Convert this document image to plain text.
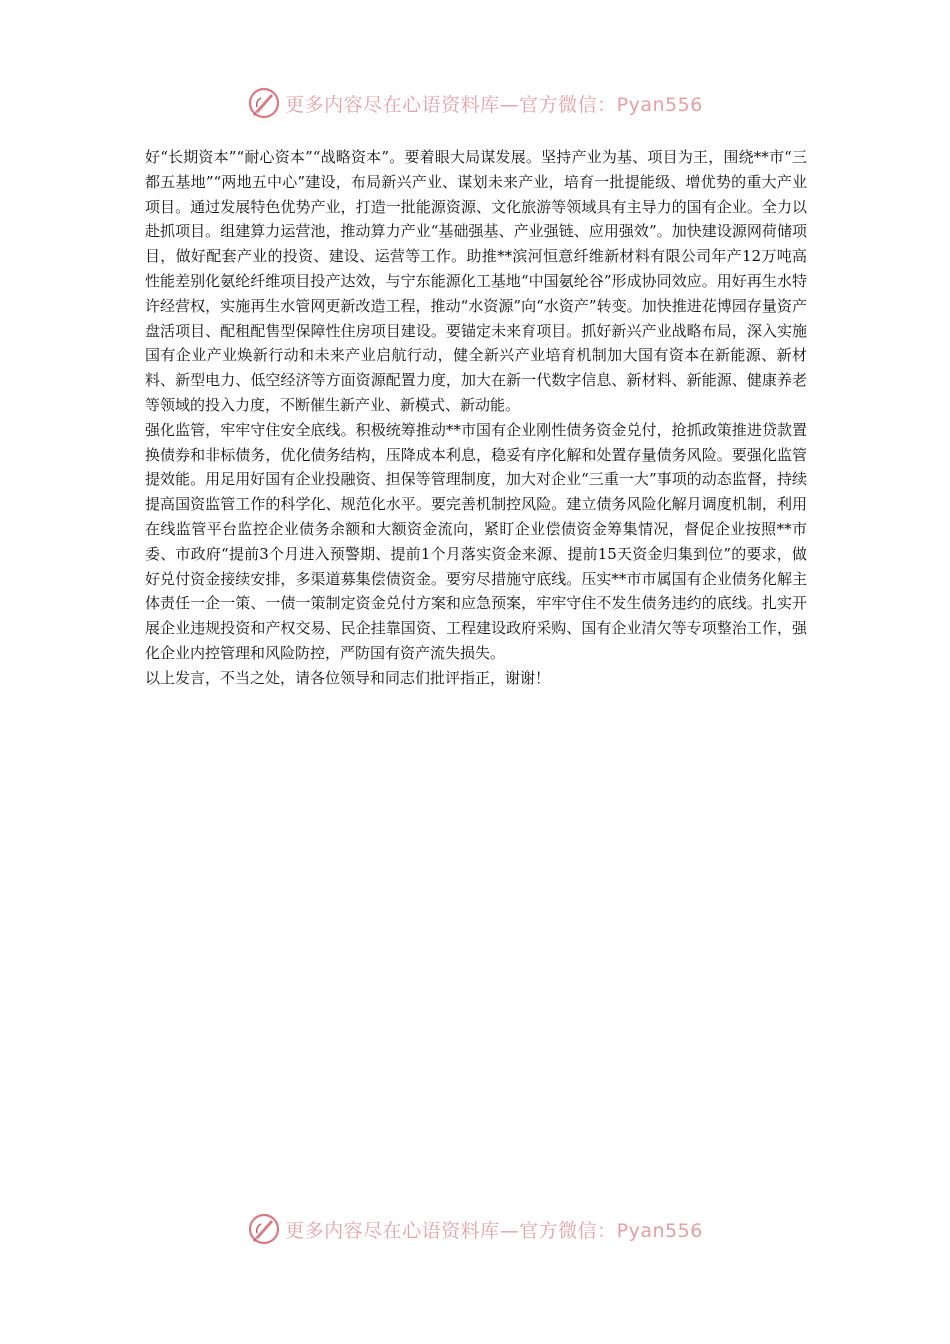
更多内容尽在心语资料库—官方微信：Pyan556

好“长期资本”“耐心资本”“战略资本”。要着眼大局谋发展。坚持产业为基、项目为王，围绕**市“三都五基地”“两地五中心”建设，布局新兴产业、谋划未来产业，培育一批提能级、增优势的重大产业项目。通过发展特色优势产业，打造一批能源资源、文化旅游等领域具有主导力的国有企业。全力以赴抓项目。组建算力运营池，推动算力产业“基础强基、产业强链、应用强效”。加快建设源网荷储项目，做好配套产业的投资、建设、运营等工作。助推**滨河恒意纤维新材料有限公司年产12万吨高性能差别化氨纶纤维项目投产达效，与宁东能源化工基地“中国氨纶谷”形成协同效应。用好再生水特许经营权，实施再生水管网更新改造工程，推动“水资源”向“水资产”转变。加快推进花博园存量资产盘活项目、配租配售型保障性住房项目建设。要锚定未来育项目。抓好新兴产业战略布局，深入实施国有企业产业焕新行动和未来产业启航行动，健全新兴产业培育机制加大国有资本在新能源、新材料、新型电力、低空经济等方面资源配置力度，加大在新一代数字信息、新材料、新能源、健康养老等领域的投入力度，不断催生新产业、新模式、新动能。

强化监管，牢牢守住安全底线。积极统筹推动**市国有企业刚性债务资金兑付，抢抓政策推进贷款置换债券和非标债务，优化债务结构，压降成本利息，稳妥有序化解和处置存量债务风险。要强化监管提效能。用足用好国有企业投融资、担保等管理制度，加大对企业“三重一大”事项的动态监督，持续提高国资监管工作的科学化、规范化水平。要完善机制控风险。建立债务风险化解月调度机制，利用在线监管平台监控企业债务余额和大额资金流向，紧盯企业偿债资金筹集情况，督促企业按照**市委、市政府“提前3个月进入预警期、提前1个月落实资金来源、提前15天资金归集到位”的要求，做好兑付资金接续安排，多渠道募集偿债资金。要穷尽措施守底线。压实**市市属国有企业债务化解主体责任一企一策、一债一策制定资金兑付方案和应急预案，牢牢守住不发生债务违约的底线。扎实开展企业违规投资和产权交易、民企挂靠国资、工程建设政府采购、国有企业清欠等专项整治工作，强化企业内控管理和风险防控，严防国有资产流失损失。

以上发言，不当之处，请各位领导和同志们批评指正，谢谢！

更多内容尽在心语资料库—官方微信：Pyan556
